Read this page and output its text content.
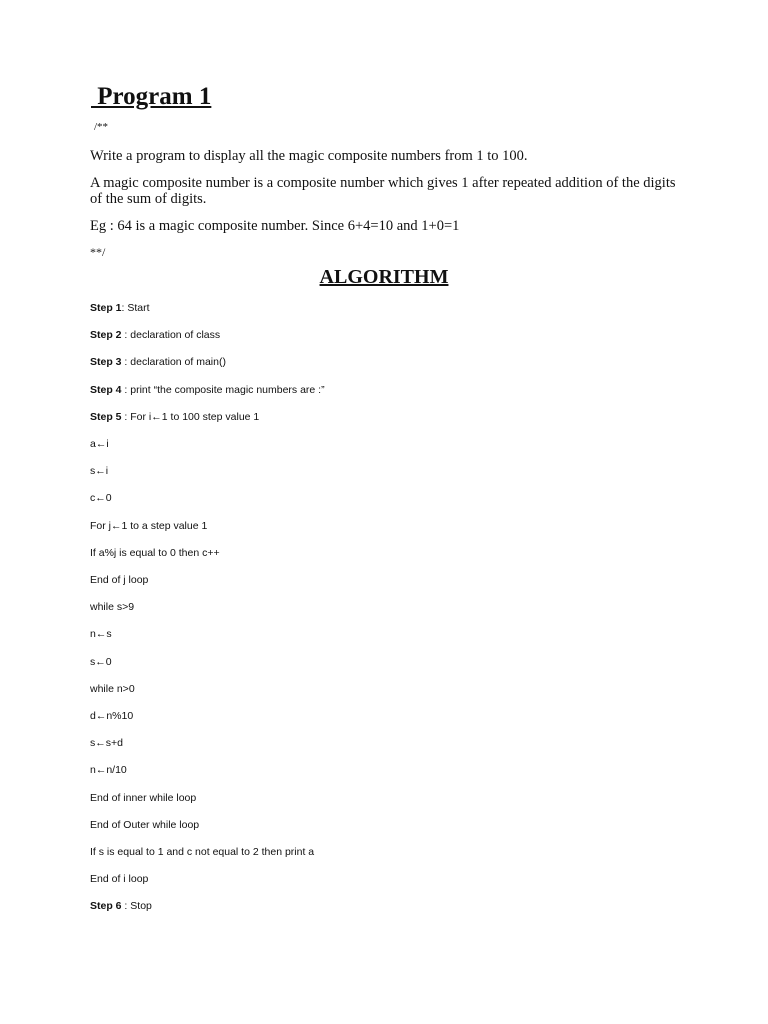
Program 1
/**
Write a program to display all the magic composite numbers from 1 to 100.
A magic composite number is a composite number which gives 1 after repeated addition of the digits of the sum of digits.
Eg : 64 is a magic composite number. Since 6+4=10 and 1+0=1
**/
ALGORITHM
Step 1: Start
Step 2 : declaration of class
Step 3 : declaration of main()
Step 4 : print “the composite magic numbers are :”
Step 5 : For i←1 to 100 step value 1
a←i
s←i
c←0
For j←1 to a step value 1
If a%j is equal to 0 then c++
End of j loop
while s>9
n←s
s←0
while n>0
d←n%10
s←s+d
n←n/10
End of inner while loop
End of Outer while loop
If s is equal to 1 and c not equal to 2 then print a
End of i loop
Step 6 : Stop
